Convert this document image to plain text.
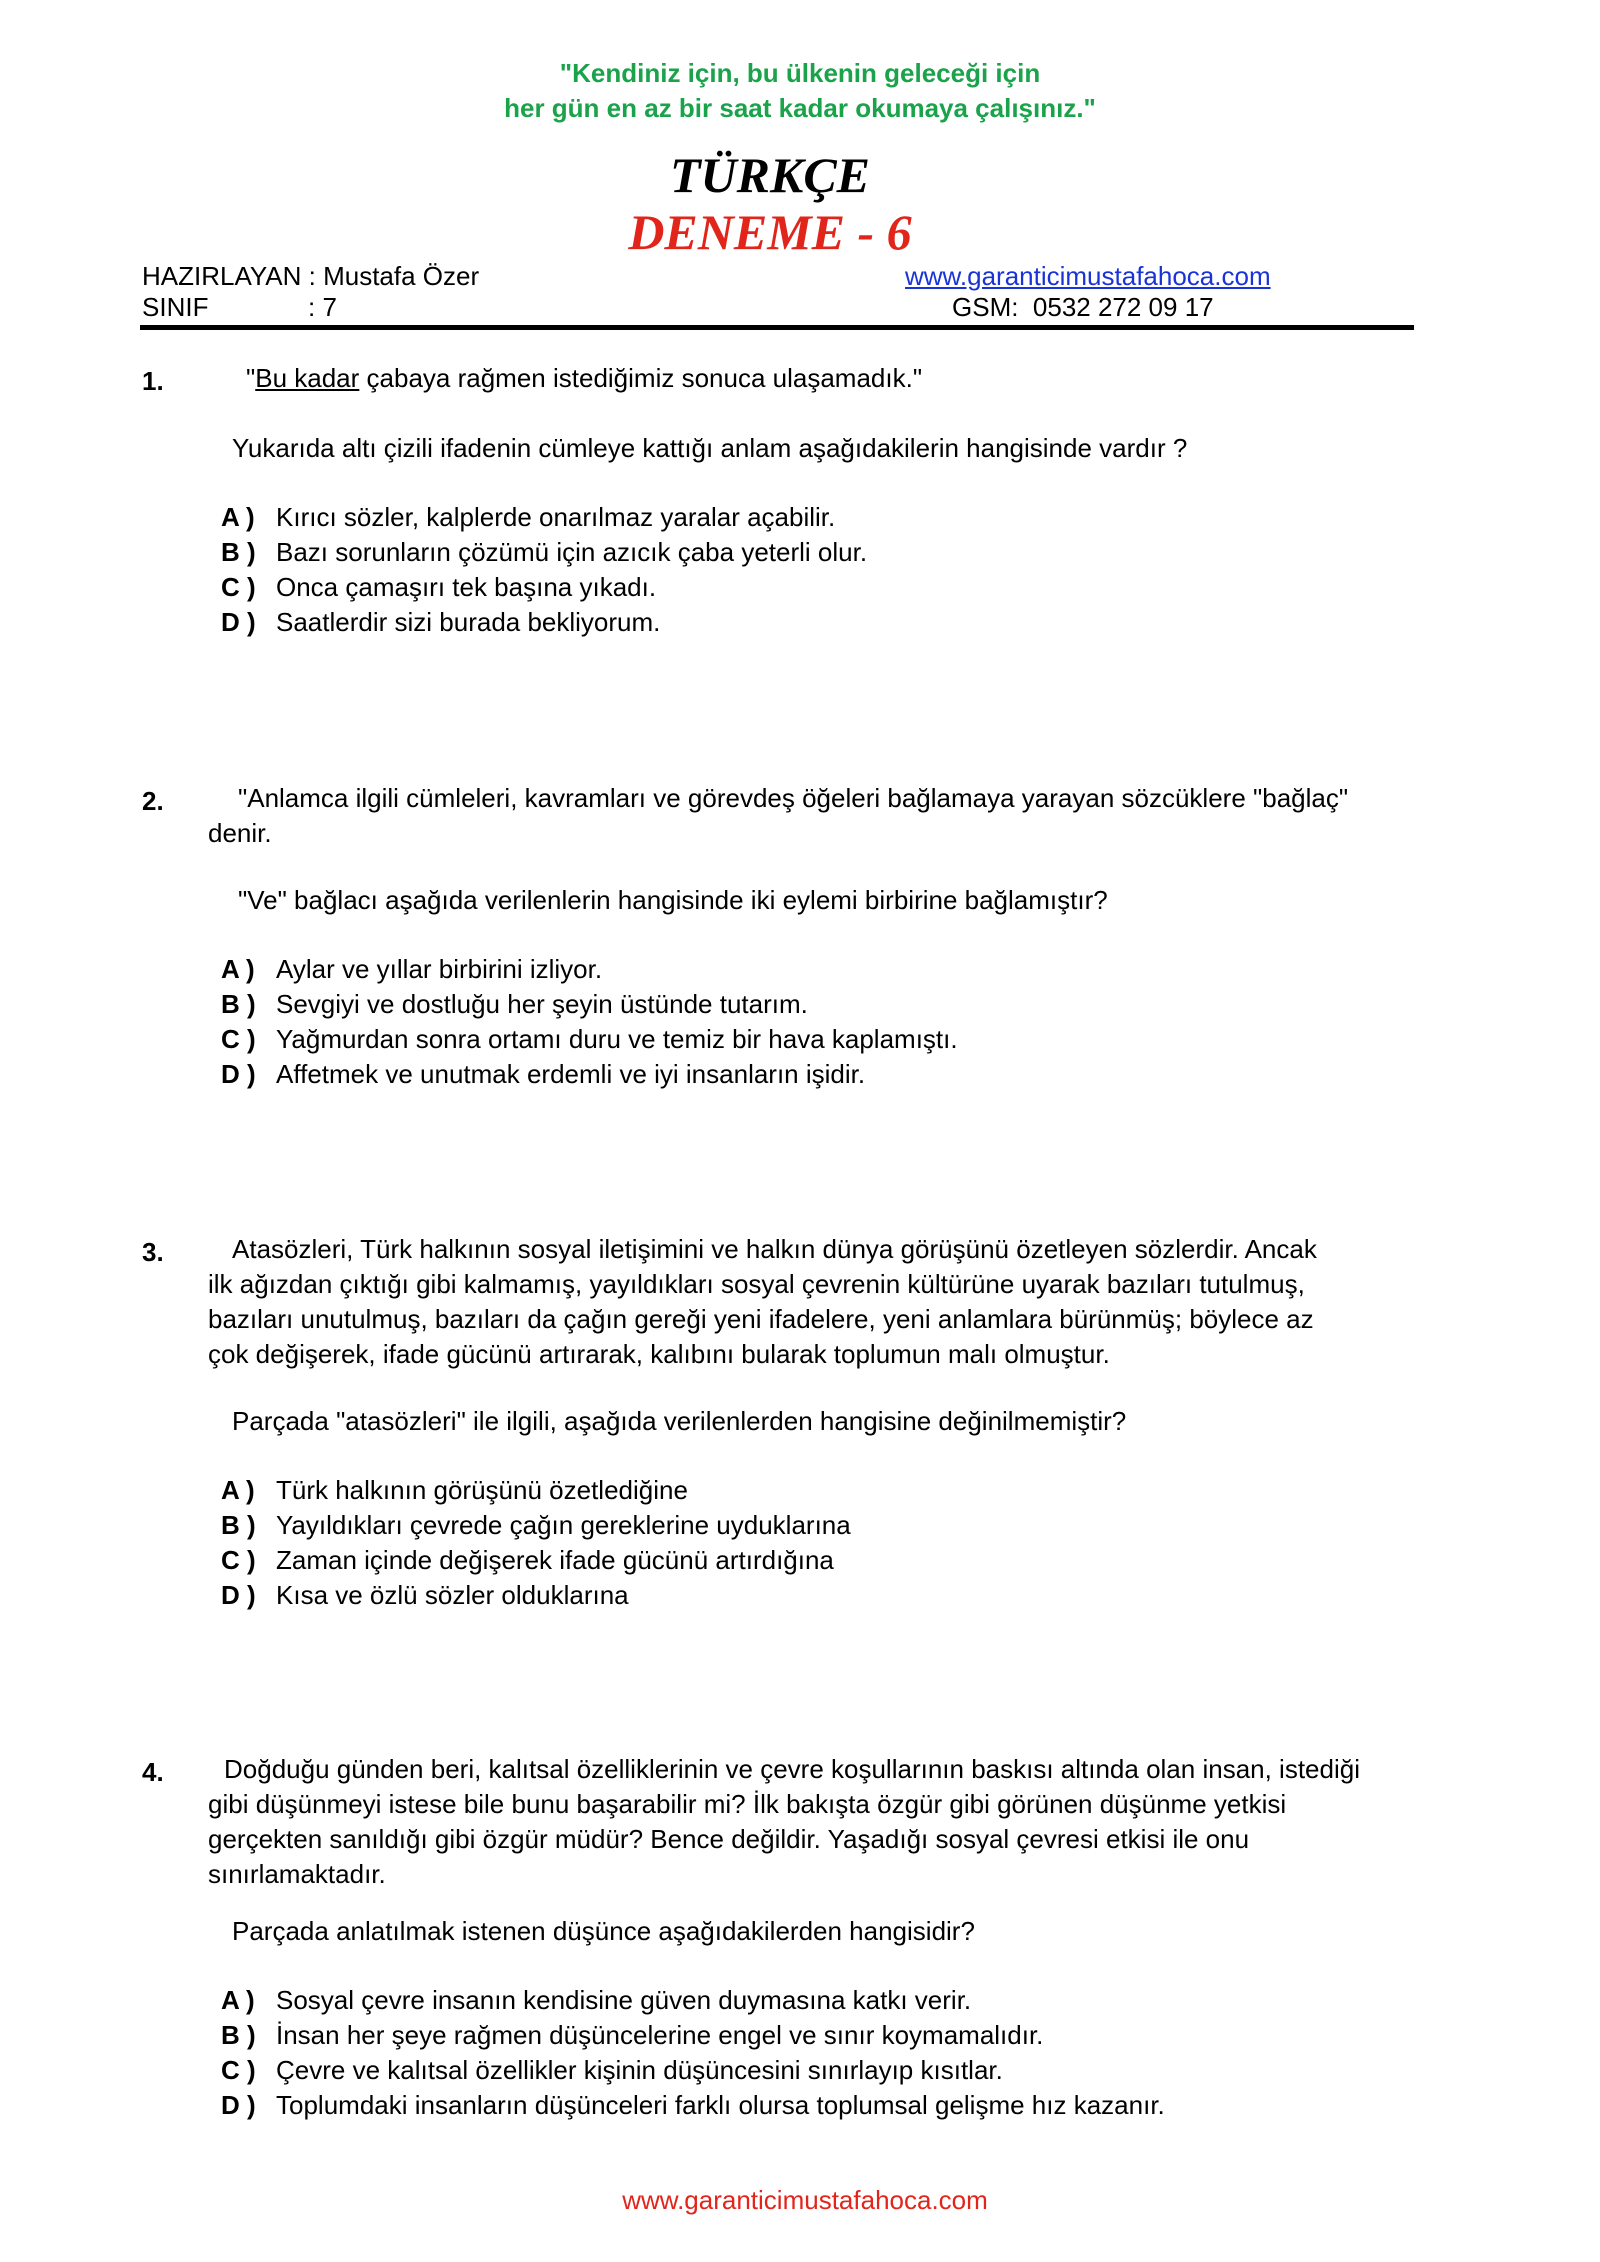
"Kendiniz için, bu ülkenin geleceği için
her gün en az bir saat kadar okumaya çalışınız."
TÜRKÇE
DENEME - 6
HAZIRLAYAN : Mustafa Özer
SINIF	: 7
www.garanticimustafahoca.com
GSM:  0532 272 09 17
1.	"Bu kadar çabaya rağmen istediğimiz sonuca ulaşamadık."
Yukarıda altı çizili ifadenin cümleye kattığı anlam aşağıdakilerin hangisinde vardır ?
A ) Kırıcı sözler, kalplerde onarılmaz yaralar açabilir.
B ) Bazı sorunların çözümü için azıcık çaba yeterli olur.
C ) Onca çamaşırı tek başına yıkadı.
D ) Saatlerdir sizi burada bekliyorum.
2.	"Anlamca ilgili cümleleri, kavramları ve görevdeş öğeleri bağlamaya yarayan sözcüklere "bağlaç"
denir.
"Ve" bağlacı aşağıda verilenlerin hangisinde iki eylemi birbirine bağlamıştır?
A ) Aylar ve yıllar birbirini izliyor.
B ) Sevgiyi ve dostluğu her şeyin üstünde tutarım.
C ) Yağmurdan sonra ortamı duru ve temiz bir hava kaplamıştı.
D ) Affetmek ve unutmak erdemli ve iyi insanların işidir.
3.	Atasözleri, Türk halkının sosyal iletişimini ve halkın dünya görüşünü özetleyen sözlerdir. Ancak
ilk ağızdan çıktığı gibi kalmamış, yayıldıkları sosyal çevrenin kültürüne uyarak bazıları tutulmuş,
bazıları unutulmuş, bazıları da çağın gereği yeni ifadelere, yeni anlamlara bürünmüş; böylece az
çok değişerek, ifade gücünü artırarak, kalıbını bularak toplumun malı olmuştur.
Parçada "atasözleri" ile ilgili, aşağıda verilenlerden hangisine değinilmemiştir?
A ) Türk halkının görüşünü özetlediğine
B ) Yayıldıkları çevrede çağın gereklerine uyduklarına
C ) Zaman içinde değişerek ifade gücünü artırdığına
D ) Kısa ve özlü sözler olduklarına
4. Doğduğu günden beri, kalıtsal özelliklerinin ve çevre koşullarının baskısı altında olan insan, istediği
gibi düşünmeyi istese bile bunu başarabilir mi? İlk bakışta özgür gibi görünen düşünme yetkisi
gerçekten sanıldığı gibi özgür müdür? Bence değildir. Yaşadığı sosyal çevresi etkisi ile onu
sınırlamaktadır.
Parçada anlatılmak istenen düşünce aşağıdakilerden hangisidir?
A ) Sosyal çevre insanın kendisine güven duymasına katkı verir.
B ) İnsan her şeye rağmen düşüncelerine engel ve sınır koymamalıdır.
C ) Çevre ve kalıtsal özellikler kişinin düşüncesini sınırlayıp kısıtlar.
D ) Toplumdaki insanların düşünceleri farklı olursa toplumsal gelişme hız kazanır.
www.garanticimustafahoca.com
